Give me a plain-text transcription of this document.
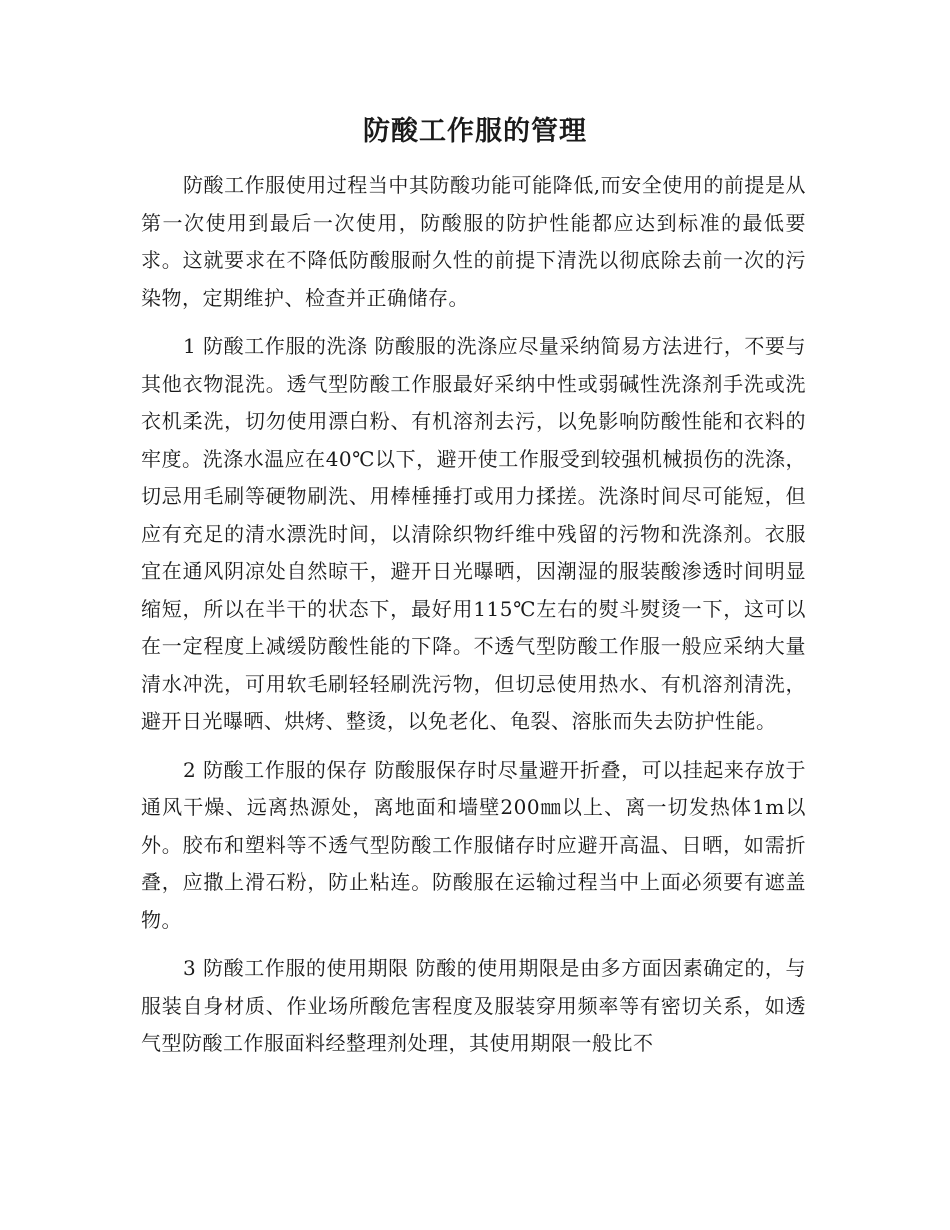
防酸工作服的管理

防酸工作服使用过程当中其防酸功能可能降低,而安全使用的前提是从第一次使用到最后一次使用，防酸服的防护性能都应达到标准的最低要求。这就要求在不降低防酸服耐久性的前提下清洗以彻底除去前一次的污染物，定期维护、检查并正确储存。

1 防酸工作服的洗涤 防酸服的洗涤应尽量采纳简易方法进行，不要与其他衣物混洗。透气型防酸工作服最好采纳中性或弱碱性洗涤剂手洗或洗衣机柔洗，切勿使用漂白粉、有机溶剂去污，以免影响防酸性能和衣料的牢度。洗涤水温应在40℃以下，避开使工作服受到较强机械损伤的洗涤，切忌用毛刷等硬物刷洗、用棒棰捶打或用力揉搓。洗涤时间尽可能短，但应有充足的清水漂洗时间，以清除织物纤维中残留的污物和洗涤剂。衣服宜在通风阴凉处自然晾干，避开日光曝晒，因潮湿的服装酸渗透时间明显缩短，所以在半干的状态下，最好用115℃左右的熨斗熨烫一下，这可以在一定程度上减缓防酸性能的下降。不透气型防酸工作服一般应采纳大量清水冲洗，可用软毛刷轻轻刷洗污物，但切忌使用热水、有机溶剂清洗，避开日光曝晒、烘烤、整烫，以免老化、龟裂、溶胀而失去防护性能。

2 防酸工作服的保存 防酸服保存时尽量避开折叠，可以挂起来存放于通风干燥、远离热源处，离地面和墙壁200㎜以上、离一切发热体1m以外。胶布和塑料等不透气型防酸工作服储存时应避开高温、日晒，如需折叠，应撒上滑石粉，防止粘连。防酸服在运输过程当中上面必须要有遮盖物。

3 防酸工作服的使用期限 防酸的使用期限是由多方面因素确定的，与服装自身材质、作业场所酸危害程度及服装穿用频率等有密切关系，如透气型防酸工作服面料经整理剂处理，其使用期限一般比不
